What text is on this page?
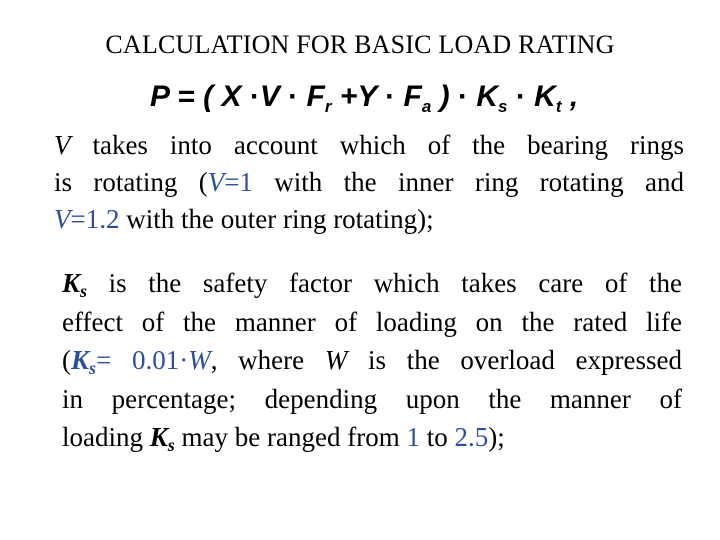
CALCULATION FOR BASIC LOAD RATING
P = ( $X \cdot V \cdot F_r +Y \cdot F_a$ ) · $K_s \cdot K_t$ ,
V takes into account which of the bearing rings
is rotating (V=1 with the inner ring rotating and
V=1.2 with the outer ring rotating);
$K_s$ is the safety factor which takes care of the
effect of the manner of loading on the rated life
($K_s= 0.01\cdot W$, where W is the overload expressed
in percentage; depending upon the manner of
loading $K_s$ may be ranged from 1 to 2.5);
